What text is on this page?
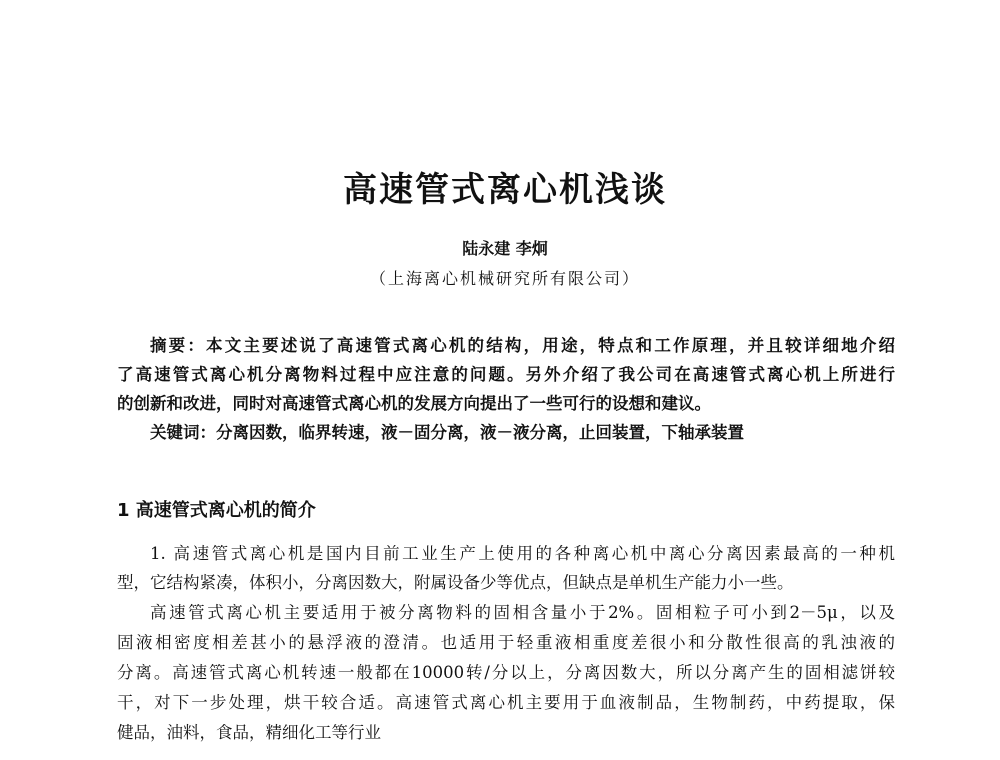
高速管式离心机浅谈
陆永建 李炯
（上海离心机械研究所有限公司）
摘要：本文主要述说了高速管式离心机的结构，用途，特点和工作原理，并且较详细地介绍
了高速管式离心机分离物料过程中应注意的问题。另外介绍了我公司在高速管式离心机上所进行
的创新和改进，同时对高速管式离心机的发展方向提出了一些可行的设想和建议。
关键词：分离因数，临界转速，液－固分离，液－液分离，止回装置，下轴承装置
1 高速管式离心机的简介
1. 高速管式离心机是国内目前工业生产上使用的各种离心机中离心分离因素最高的一种机
型，它结构紧凑，体积小，分离因数大，附属设备少等优点，但缺点是单机生产能力小一些。
高速管式离心机主要适用于被分离物料的固相含量小于2%。固相粒子可小到2－5μ，以及
固液相密度相差甚小的悬浮液的澄清。也适用于轻重液相重度差很小和分散性很高的乳浊液的
分离。高速管式离心机转速一般都在10000转/分以上，分离因数大，所以分离产生的固相滤饼较
干，对下一步处理，烘干较合适。高速管式离心机主要用于血液制品，生物制药，中药提取，保
健品，油料，食品，精细化工等行业
